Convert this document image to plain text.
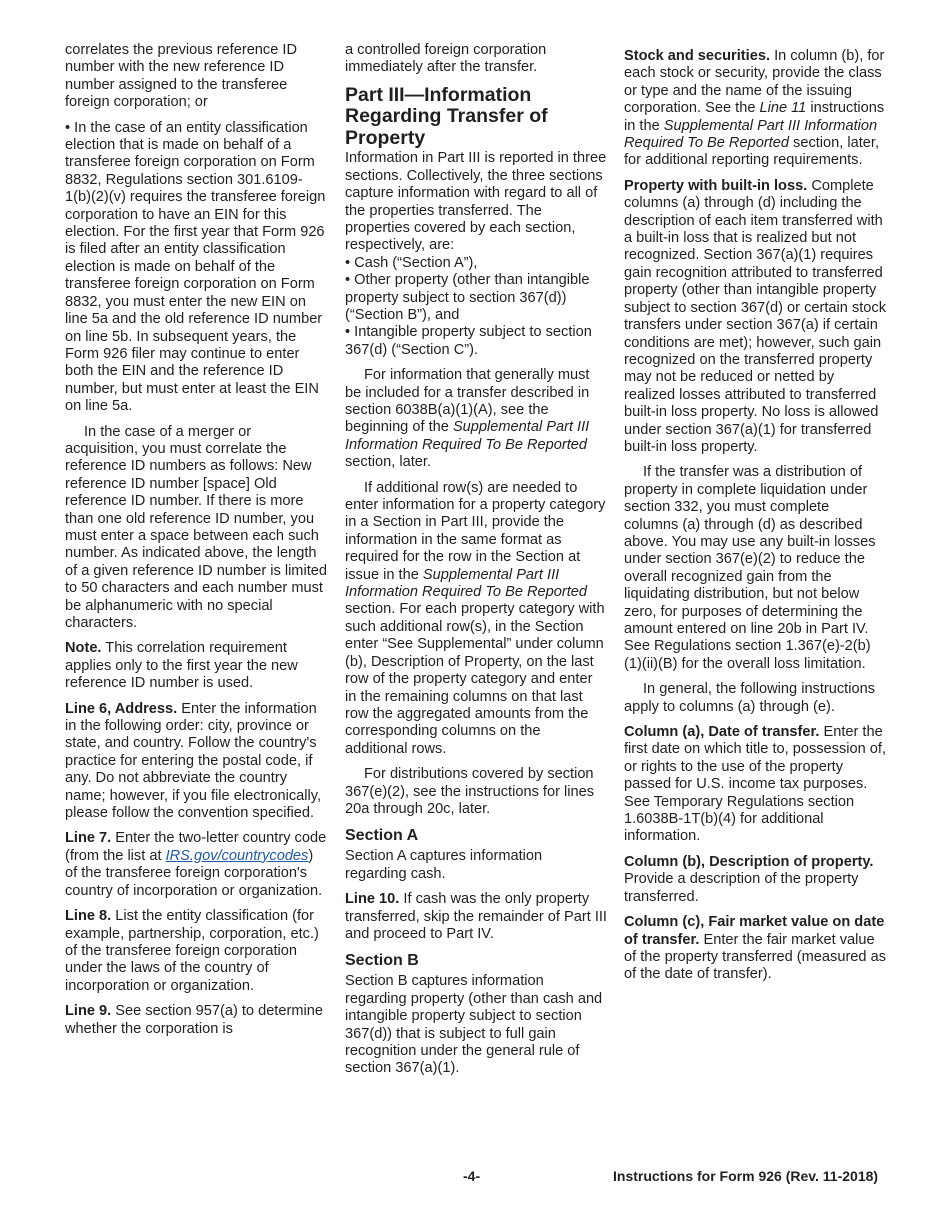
correlates the previous reference ID number with the new reference ID number assigned to the transferee foreign corporation; or

• In the case of an entity classification election that is made on behalf of a transferee foreign corporation on Form 8832, Regulations section 301.6109-1(b)(2)(v) requires the transferee foreign corporation to have an EIN for this election. For the first year that Form 926 is filed after an entity classification election is made on behalf of the transferee foreign corporation on Form 8832, you must enter the new EIN on line 5a and the old reference ID number on line 5b. In subsequent years, the Form 926 filer may continue to enter both the EIN and the reference ID number, but must enter at least the EIN on line 5a.

In the case of a merger or acquisition, you must correlate the reference ID numbers as follows: New reference ID number [space] Old reference ID number. If there is more than one old reference ID number, you must enter a space between each such number. As indicated above, the length of a given reference ID number is limited to 50 characters and each number must be alphanumeric with no special characters.

Note. This correlation requirement applies only to the first year the new reference ID number is used.

Line 6, Address. Enter the information in the following order: city, province or state, and country. Follow the country's practice for entering the postal code, if any. Do not abbreviate the country name; however, if you file electronically, please follow the convention specified.

Line 7. Enter the two-letter country code (from the list at IRS.gov/countrycodes) of the transferee foreign corporation's country of incorporation or organization.

Line 8. List the entity classification (for example, partnership, corporation, etc.) of the transferee foreign corporation under the laws of the country of incorporation or organization.

Line 9. See section 957(a) to determine whether the corporation is

a controlled foreign corporation immediately after the transfer.

Part III—Information Regarding Transfer of Property

Information in Part III is reported in three sections. Collectively, the three sections capture information with regard to all of the properties transferred. The properties covered by each section, respectively, are:

• Cash (“Section A”),

• Other property (other than intangible property subject to section 367(d)) (“Section B”), and

• Intangible property subject to section 367(d) (“Section C”).

For information that generally must be included for a transfer described in section 6038B(a)(1)(A), see the beginning of the Supplemental Part III Information Required To Be Reported section, later.

If additional row(s) are needed to enter information for a property category in a Section in Part III, provide the information in the same format as required for the row in the Section at issue in the Supplemental Part III Information Required To Be Reported section. For each property category with such additional row(s), in the Section enter “See Supplemental” under column (b), Description of Property, on the last row of the property category and enter in the remaining columns on that last row the aggregated amounts from the corresponding columns on the additional rows.

For distributions covered by section 367(e)(2), see the instructions for lines 20a through 20c, later.

Section A

Section A captures information regarding cash.

Line 10. If cash was the only property transferred, skip the remainder of Part III and proceed to Part IV.

Section B

Section B captures information regarding property (other than cash and intangible property subject to section 367(d)) that is subject to full gain recognition under the general rule of section 367(a)(1).

Stock and securities. In column (b), for each stock or security, provide the class or type and the name of the issuing corporation. See the Line 11 instructions in the Supplemental Part III Information Required To Be Reported section, later, for additional reporting requirements.

Property with built-in loss. Complete columns (a) through (d) including the description of each item transferred with a built-in loss that is realized but not recognized. Section 367(a)(1) requires gain recognition attributed to transferred property (other than intangible property subject to section 367(d) or certain stock transfers under section 367(a) if certain conditions are met); however, such gain recognized on the transferred property may not be reduced or netted by realized losses attributed to transferred built-in loss property. No loss is allowed under section 367(a)(1) for transferred built-in loss property.

If the transfer was a distribution of property in complete liquidation under section 332, you must complete columns (a) through (d) as described above. You may use any built-in losses under section 367(e)(2) to reduce the overall recognized gain from the liquidating distribution, but not below zero, for purposes of determining the amount entered on line 20b in Part IV. See Regulations section 1.367(e)-2(b)(1)(ii)(B) for the overall loss limitation.

In general, the following instructions apply to columns (a) through (e).

Column (a), Date of transfer. Enter the first date on which title to, possession of, or rights to the use of the property passed for U.S. income tax purposes. See Temporary Regulations section 1.6038B-1T(b)(4) for additional information.

Column (b), Description of property. Provide a description of the property transferred.

Column (c), Fair market value on date of transfer. Enter the fair market value of the property transferred (measured as of the date of transfer).

-4-	Instructions for Form 926 (Rev. 11-2018)
